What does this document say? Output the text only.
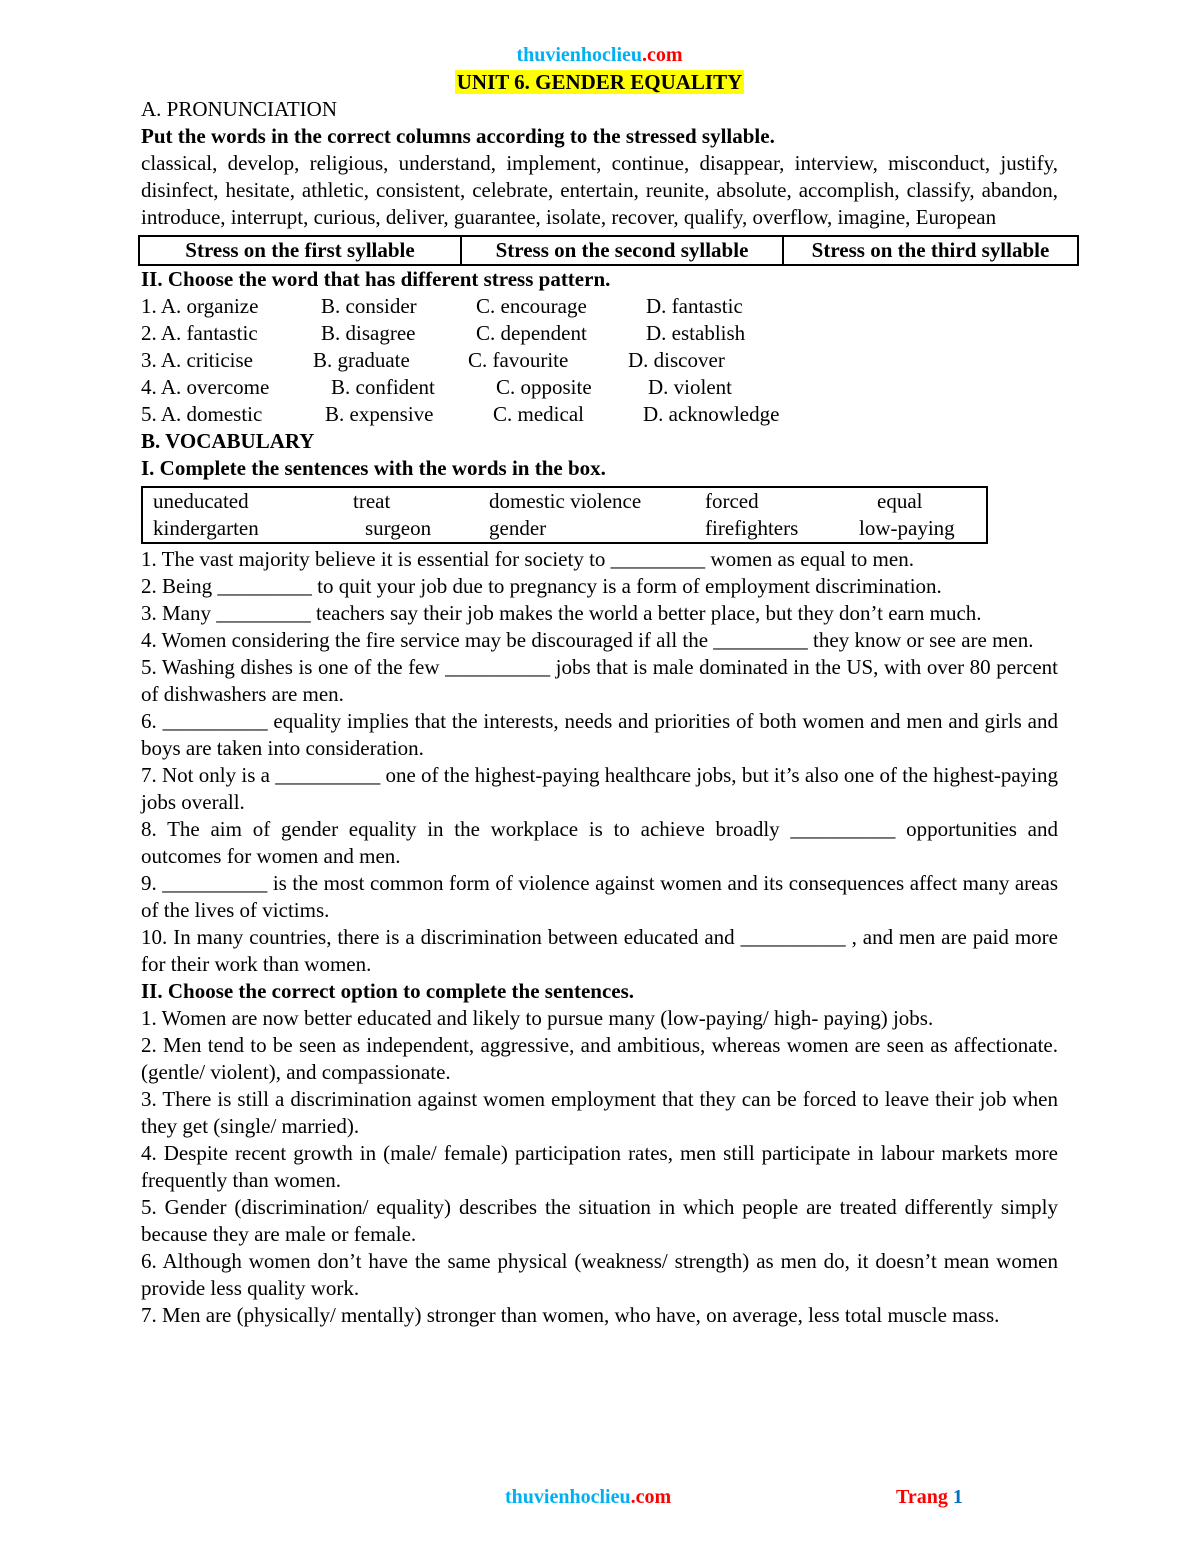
thuvienhoclieu.com
UNIT 6. GENDER EQUALITY
A. PRONUNCIATION
Put the words in the correct columns according to the stressed syllable.
classical, develop, religious, understand, implement, continue, disappear, interview, misconduct, justify, disinfect, hesitate, athletic, consistent, celebrate, entertain, reunite, absolute, accomplish, classify, abandon, introduce, interrupt, curious, deliver, guarantee, isolate, recover, qualify, overflow, imagine, European
Stress on the first syllable	Stress on the second syllable	Stress on the third syllable
II. Choose the word that has different stress pattern.
1. A. organize	B. consider	C. encourage	D. fantastic
2. A. fantastic	B. disagree	C. dependent	D. establish
3. A. criticise	B. graduate	C. favourite	D. discover
4. A. overcome	B. confident	C. opposite	D. violent
5. A. domestic	B. expensive	C. medical	D. acknowledge
B. VOCABULARY
I. Complete the sentences with the words in the box.
uneducated	treat	domestic violence	forced	equal
kindergarten	surgeon	gender	firefighters	low-paying
1. The vast majority believe it is essential for society to _________ women as equal to men.
2. Being _________ to quit your job due to pregnancy is a form of employment discrimination.
3. Many _________ teachers say their job makes the world a better place, but they don’t earn much.
4. Women considering the fire service may be discouraged if all the _________ they know or see are men.
5. Washing dishes is one of the few __________ jobs that is male dominated in the US, with over 80 percent of dishwashers are men.
6. __________ equality implies that the interests, needs and priorities of both women and men and girls and boys are taken into consideration.
7. Not only is a __________ one of the highest-paying healthcare jobs, but it’s also one of the highest-paying jobs overall.
8. The aim of gender equality in the workplace is to achieve broadly __________ opportunities and outcomes for women and men.
9. __________ is the most common form of violence against women and its consequences affect many areas of the lives of victims.
10. In many countries, there is a discrimination between educated and __________ , and men are paid more for their work than women.
II. Choose the correct option to complete the sentences.
1. Women are now better educated and likely to pursue many (low-paying/ high- paying) jobs.
2. Men tend to be seen as independent, aggressive, and ambitious, whereas women are seen as affectionate. (gentle/ violent), and compassionate.
3. There is still a discrimination against women employment that they can be forced to leave their job when they get (single/ married).
4. Despite recent growth in (male/ female) participation rates, men still participate in labour markets more frequently than women.
5. Gender (discrimination/ equality) describes the situation in which people are treated differently simply because they are male or female.
6. Although women don’t have the same physical (weakness/ strength) as men do, it doesn’t mean women provide less quality work.
7. Men are (physically/ mentally) stronger than women, who have, on average, less total muscle mass.
thuvienhoclieu.com	Trang 1
